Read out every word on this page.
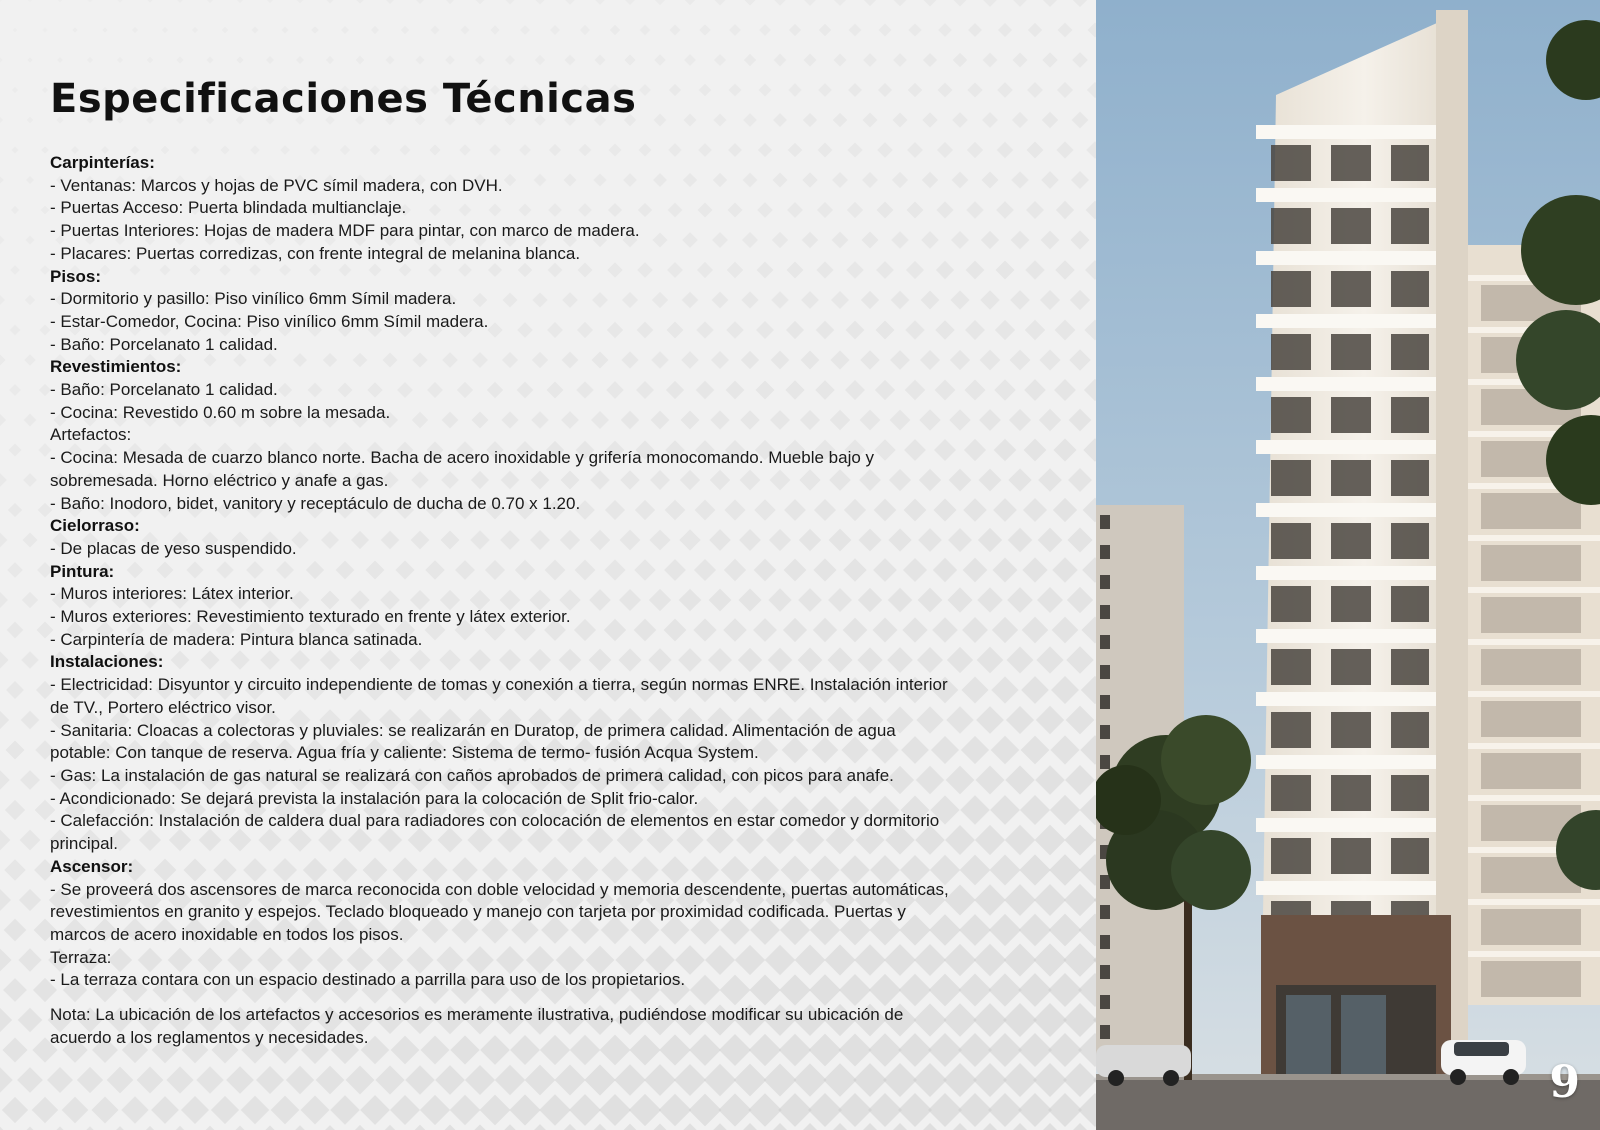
Especificaciones Técnicas
Carpinterías:
- Ventanas: Marcos y hojas de PVC símil madera, con DVH.
- Puertas Acceso: Puerta blindada multianclaje.
- Puertas Interiores: Hojas de madera MDF para pintar, con marco de madera.
- Placares: Puertas corredizas, con frente integral de melanina blanca.
Pisos:
- Dormitorio y pasillo: Piso vinílico 6mm Símil madera.
- Estar-Comedor, Cocina: Piso vinílico 6mm Símil madera.
- Baño: Porcelanato 1 calidad.
Revestimientos:
- Baño: Porcelanato 1 calidad.
- Cocina: Revestido 0.60 m sobre la mesada.
Artefactos:
- Cocina: Mesada de cuarzo blanco norte. Bacha de acero inoxidable y grifería monocomando. Mueble bajo y
sobremesada. Horno eléctrico y anafe a gas.
- Baño: Inodoro, bidet, vanitory y receptáculo de ducha de 0.70 x 1.20.
Cielorraso:
- De placas de yeso suspendido.
Pintura:
- Muros interiores: Látex interior.
- Muros exteriores: Revestimiento texturado en frente y látex exterior.
- Carpintería de madera: Pintura blanca satinada.
Instalaciones:
- Electricidad: Disyuntor y circuito independiente de tomas y conexión a tierra, según normas ENRE. Instalación interior
de TV., Portero eléctrico visor.
- Sanitaria: Cloacas a colectoras y pluviales: se realizarán en Duratop, de primera calidad. Alimentación de agua
potable: Con tanque de reserva. Agua fría y caliente: Sistema de termo- fusión Acqua System.
- Gas: La instalación de gas natural se realizará con caños aprobados de primera calidad, con picos para anafe.
- Acondicionado: Se dejará prevista la instalación para la colocación de Split frio-calor.
- Calefacción: Instalación de caldera dual para radiadores con colocación de elementos en estar comedor y dormitorio
principal.
Ascensor:
- Se proveerá dos ascensores de marca reconocida con doble velocidad y memoria descendente, puertas automáticas,
revestimientos en granito y espejos. Teclado bloqueado y manejo con tarjeta por proximidad codificada. Puertas y
marcos de acero inoxidable en todos los pisos.
Terraza:
- La terraza contara con un espacio destinado a parrilla para uso de los propietarios.
Nota: La ubicación de los artefactos y accesorios es meramente ilustrativa, pudiéndose modificar su ubicación de
acuerdo a los reglamentos y necesidades.
9
